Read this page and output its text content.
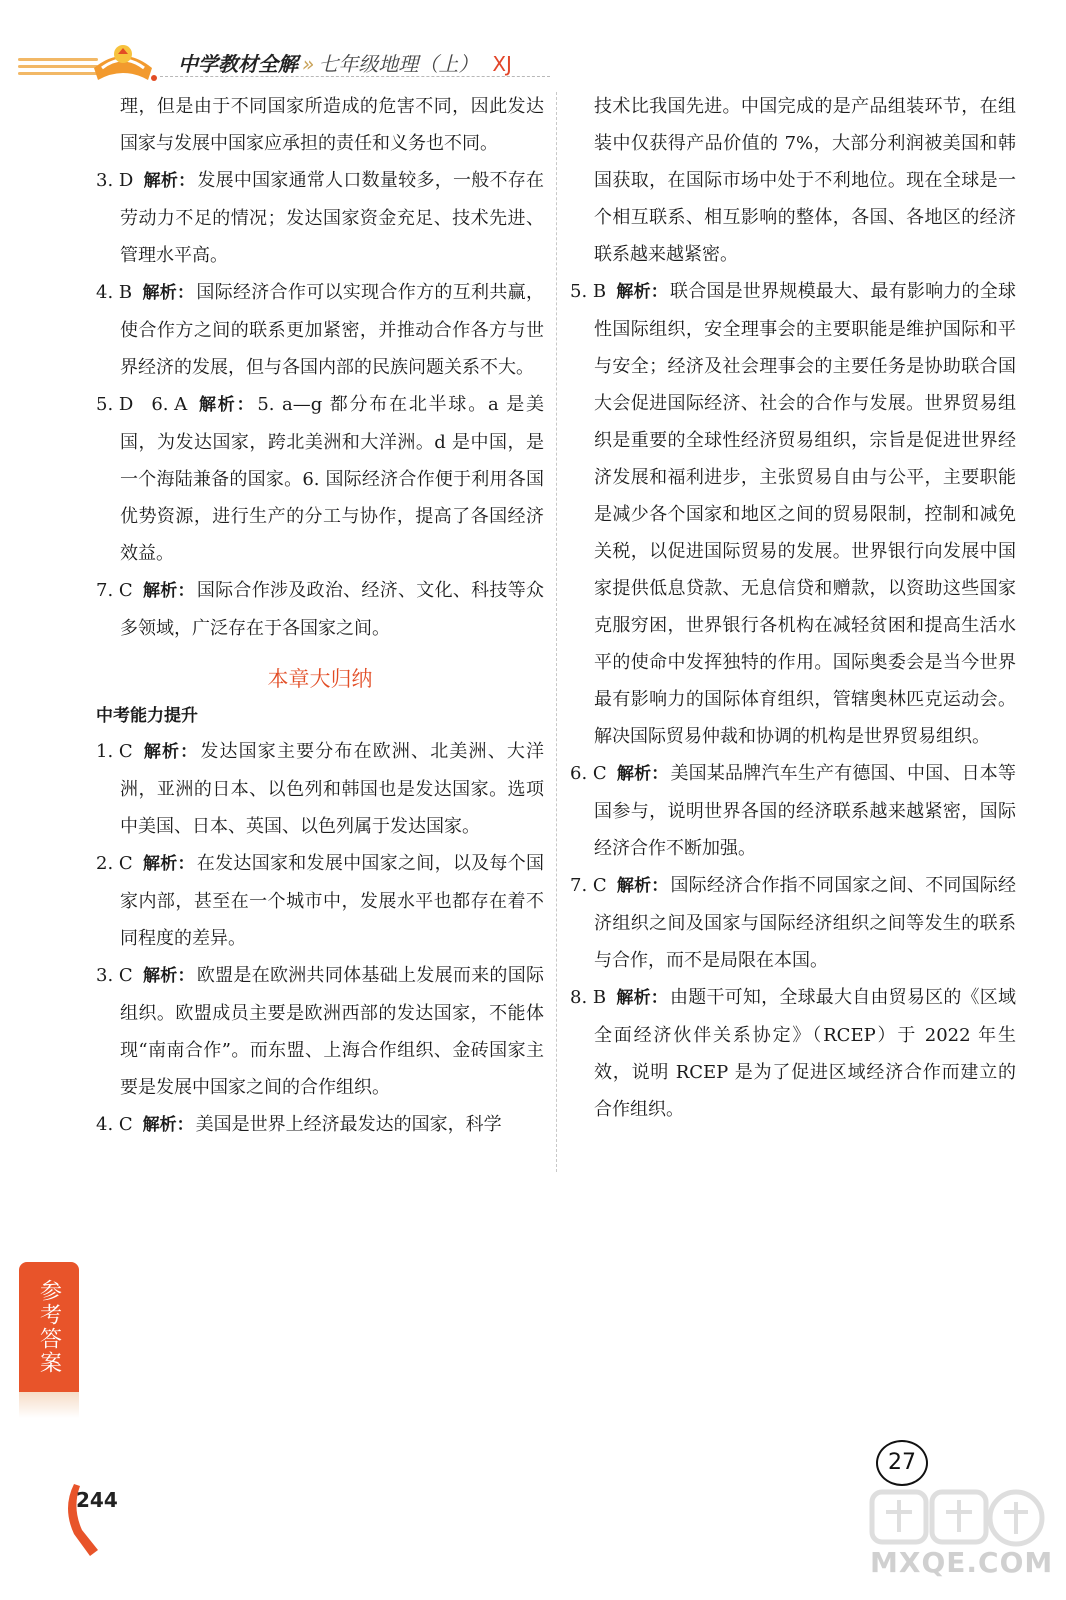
中学教材全解 » 七年级地理（上） XJ

理，但是由于不同国家所造成的危害不同，因此发达国家与发展中国家应承担的责任和义务也不同。

3. D 解析： 发展中国家通常人口数量较多，一般不存在劳动力不足的情况；发达国家资金充足、技术先进、管理水平高。

4. B 解析： 国际经济合作可以实现合作方的互利共赢，使合作方之间的联系更加紧密，并推动合作各方与世界经济的发展，但与各国内部的民族问题关系不大。

5. D　6. A 解析： 5. a—g 都分布在北半球。a 是美国，为发达国家，跨北美洲和大洋洲。d 是中国，是一个海陆兼备的国家。6. 国际经济合作便于利用各国优势资源，进行生产的分工与协作，提高了各国经济效益。

7. C 解析： 国际合作涉及政治、经济、文化、科技等众多领域，广泛存在于各国家之间。

本章大归纳
中考能力提升

1. C 解析： 发达国家主要分布在欧洲、北美洲、大洋洲，亚洲的日本、以色列和韩国也是发达国家。选项中美国、日本、英国、以色列属于发达国家。

2. C 解析： 在发达国家和发展中国家之间，以及每个国家内部，甚至在一个城市中，发展水平也都存在着不同程度的差异。

3. C 解析： 欧盟是在欧洲共同体基础上发展而来的国际组织。欧盟成员主要是欧洲西部的发达国家，不能体现“南南合作”。而东盟、上海合作组织、金砖国家主要是发展中国家之间的合作组织。

4. C 解析： 美国是世界上经济最发达的国家，科学

技术比我国先进。中国完成的是产品组装环节，在组装中仅获得产品价值的 7%，大部分利润被美国和韩国获取，在国际市场中处于不利地位。现在全球是一个相互联系、相互影响的整体，各国、各地区的经济联系越来越紧密。

5. B 解析： 联合国是世界规模最大、最有影响力的全球性国际组织，安全理事会的主要职能是维护国际和平与安全；经济及社会理事会的主要任务是协助联合国大会促进国际经济、社会的合作与发展。世界贸易组织是重要的全球性经济贸易组织，宗旨是促进世界经济发展和福利进步，主张贸易自由与公平，主要职能是减少各个国家和地区之间的贸易限制，控制和减免关税，以促进国际贸易的发展。世界银行向发展中国家提供低息贷款、无息信贷和赠款，以资助这些国家克服穷困，世界银行各机构在减轻贫困和提高生活水平的使命中发挥独特的作用。国际奥委会是当今世界最有影响力的国际体育组织，管辖奥林匹克运动会。解决国际贸易仲裁和协调的机构是世界贸易组织。

6. C 解析： 美国某品牌汽车生产有德国、中国、日本等国参与，说明世界各国的经济联系越来越紧密，国际经济合作不断加强。

7. C 解析： 国际经济合作指不同国家之间、不同国际经济组织之间及国家与国际经济组织之间等发生的联系与合作，而不是局限在本国。

8. B 解析： 由题干可知，全球最大自由贸易区的《区域全面经济伙伴关系协定》（RCEP）于 2022 年生效，说明 RCEP 是为了促进区域经济合作而建立的合作组织。

参考答案
244
27
MXQE.COM
